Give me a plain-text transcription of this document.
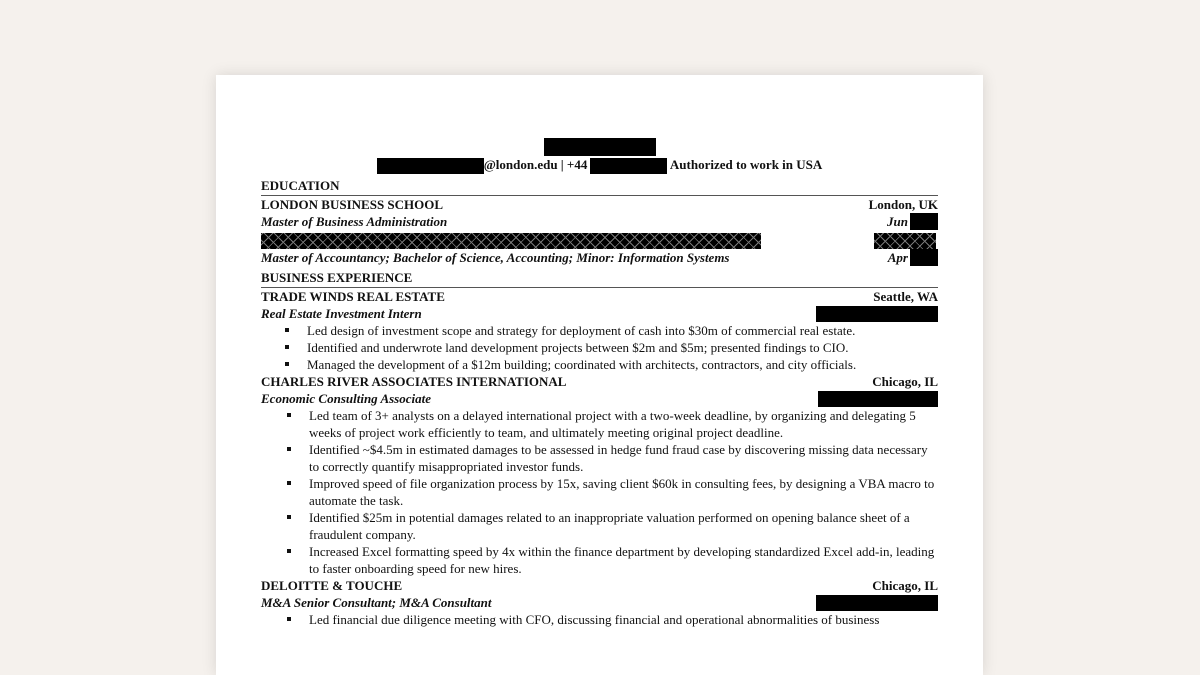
@london.edu | +44	Authorized to work in USA
EDUCATION
LONDON BUSINESS SCHOOL	London, UK
Master of Business Administration	Jun
Master of Accountancy; Bachelor of Science, Accounting; Minor: Information Systems	Apr
BUSINESS EXPERIENCE
TRADE WINDS REAL ESTATE	Seattle, WA
Real Estate Investment Intern
Led design of investment scope and strategy for deployment of cash into $30m of commercial real estate.
Identified and underwrote land development projects between $2m and $5m; presented findings to CIO.
Managed the development of a $12m building; coordinated with architects, contractors, and city officials.
CHARLES RIVER ASSOCIATES INTERNATIONAL	Chicago, IL
Economic Consulting Associate
Led team of 3+ analysts on a delayed international project with a two-week deadline, by organizing and delegating 5 weeks of project work efficiently to team, and ultimately meeting original project deadline.
Identified ~$4.5m in estimated damages to be assessed in hedge fund fraud case by discovering missing data necessary to correctly quantify misappropriated investor funds.
Improved speed of file organization process by 15x, saving client $60k in consulting fees, by designing a VBA macro to automate the task.
Identified $25m in potential damages related to an inappropriate valuation performed on opening balance sheet of a fraudulent company.
Increased Excel formatting speed by 4x within the finance department by developing standardized Excel add-in, leading to faster onboarding speed for new hires.
DELOITTE & TOUCHE	Chicago, IL
M&A Senior Consultant; M&A Consultant
Led financial due diligence meeting with CFO, discussing financial and operational abnormalities of business
